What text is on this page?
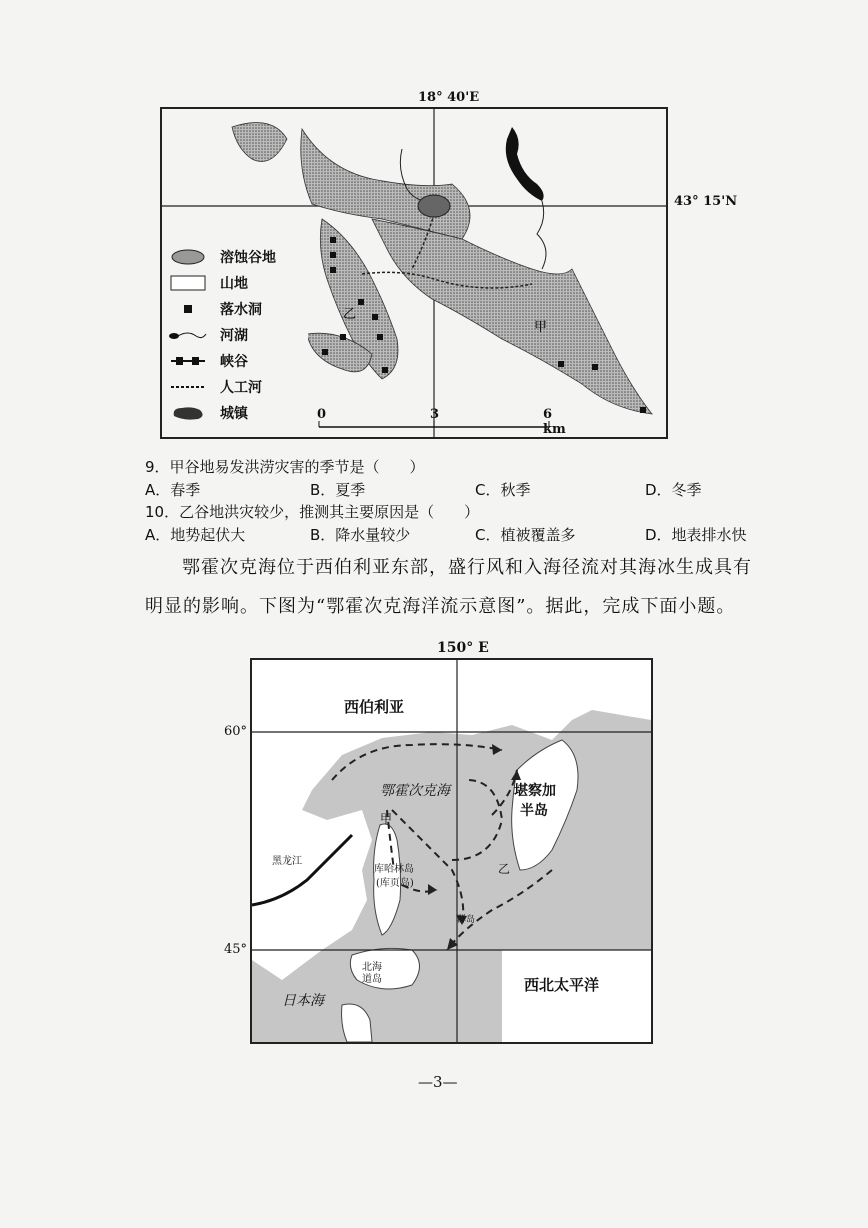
18° 40'E
43° 15'N
甲
乙
溶蚀谷地
山地
落水洞
河湖
峡谷
人工河
城镇	0	3	6 km
9．甲谷地易发洪涝灾害的季节是（　　）
A．春季	B．夏季	C．秋季	D．冬季
10．乙谷地洪灾较少，推测其主要原因是（　　）
A．地势起伏大	B．降水量较少	C．植被覆盖多	D．地表排水快
鄂霍次克海位于西伯利亚东部，盛行风和入海径流对其海冰生成具有
明显的影响。下图为“鄂霍次克海洋流示意图”。据此，完成下面小题。
150° E
60°
45°
西伯利亚
鄂霍次克海	堪察加
半岛
黑龙江
库哈林岛
(库页岛)
北海
道岛
日本海
西北太平洋
甲
乙
群岛
—3—
